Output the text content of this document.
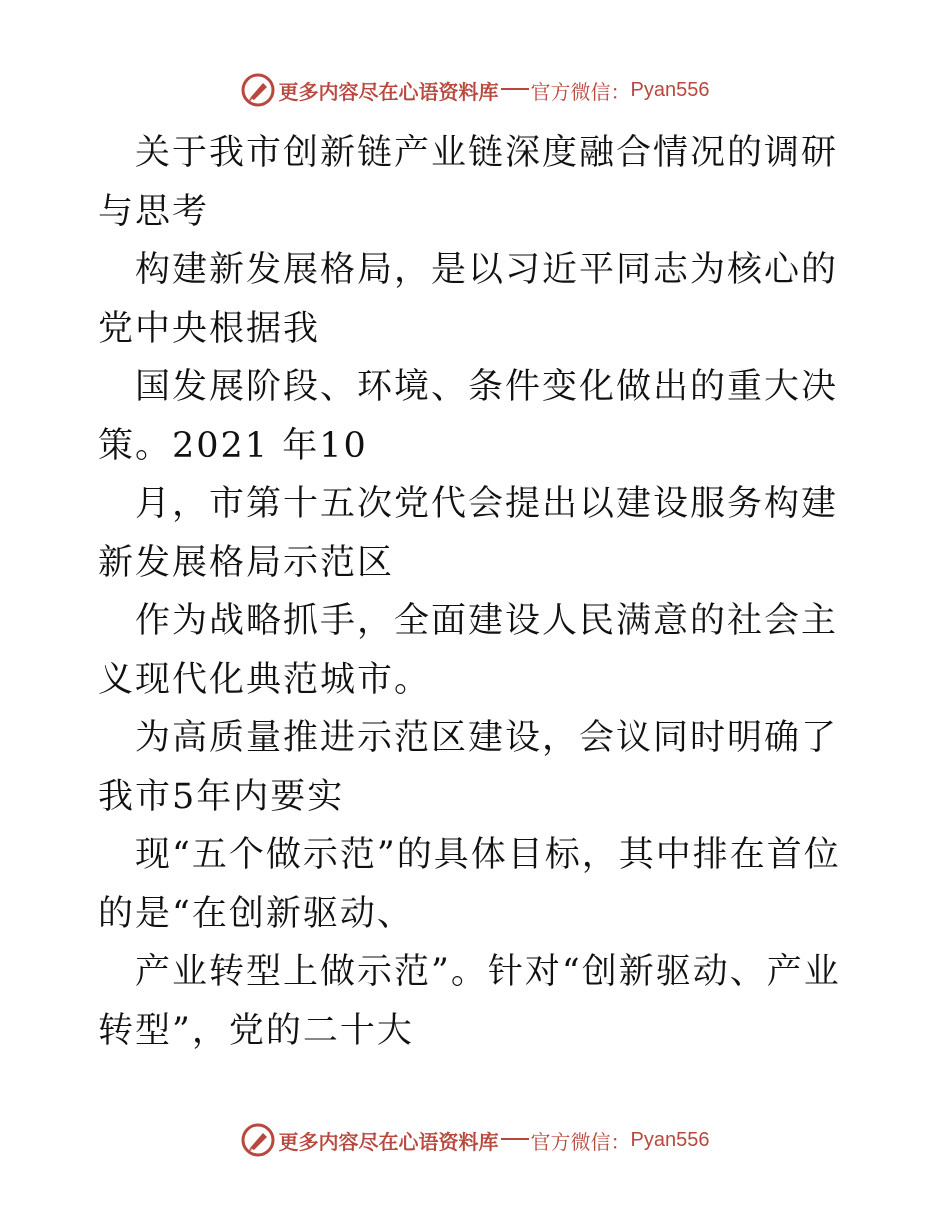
更多内容尽在心语资料库 官方微信： Pyan556

关于我市创新链产业链深度融合情况的调研与思考

构建新发展格局，是以习近平同志为核心的党中央根据我

国发展阶段、环境、条件变化做出的重大决策。2021 年10

月，市第十五次党代会提出以建设服务构建新发展格局示范区

作为战略抓手，全面建设人民满意的社会主义现代化典范城市。

为高质量推进示范区建设，会议同时明确了我市5年内要实

现“五个做示范”的具体目标，其中排在首位的是“在创新驱动、

产业转型上做示范”。针对“创新驱动、产业转型”，党的二十大

更多内容尽在心语资料库 官方微信： Pyan556
